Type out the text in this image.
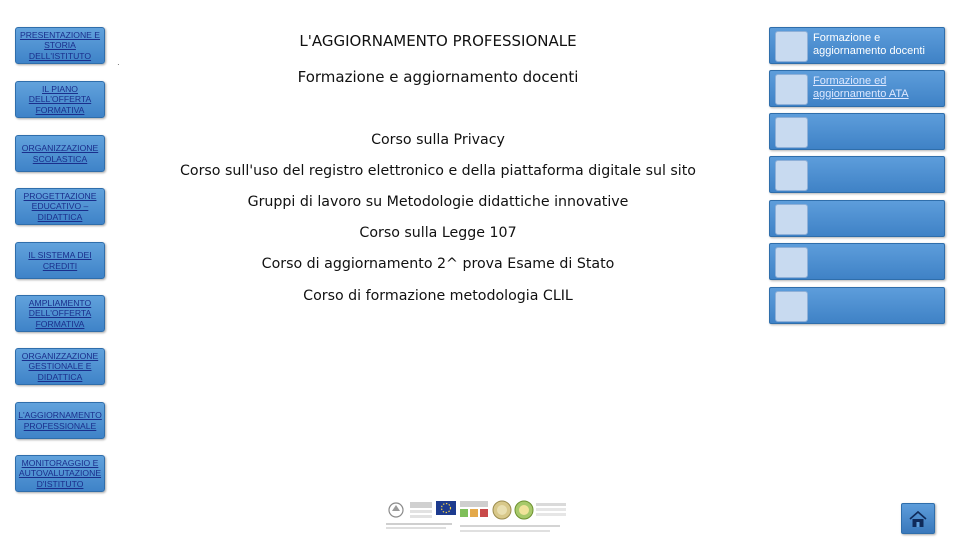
PRESENTAZIONE E STORIA DELL'ISTITUTO
IL PIANO DELL'OFFERTA FORMATIVA
ORGANIZZAZIONE SCOLASTICA
PROGETTAZIONE EDUCATIVO – DIDATTICA
IL SISTEMA DEI CREDITI
AMPLIAMENTO DELL'OFFERTA FORMATIVA
ORGANIZZAZIONE GESTIONALE E DIDATTICA
L'AGGIORNAMENTO PROFESSIONALE
MONITORAGGIO E AUTOVALUTAZIONE D'ISTITUTO
·
L'AGGIORNAMENTO PROFESSIONALE
Formazione e aggiornamento docenti
Corso sulla Privacy
Corso sull'uso del registro elettronico e della piattaforma digitale sul sito
Gruppi di lavoro su Metodologie didattiche innovative
Corso sulla Legge 107
Corso di aggiornamento 2^ prova Esame di Stato
Corso di formazione metodologia CLIL
Formazione e aggiornamento docenti
Formazione ed aggiornamento ATA
